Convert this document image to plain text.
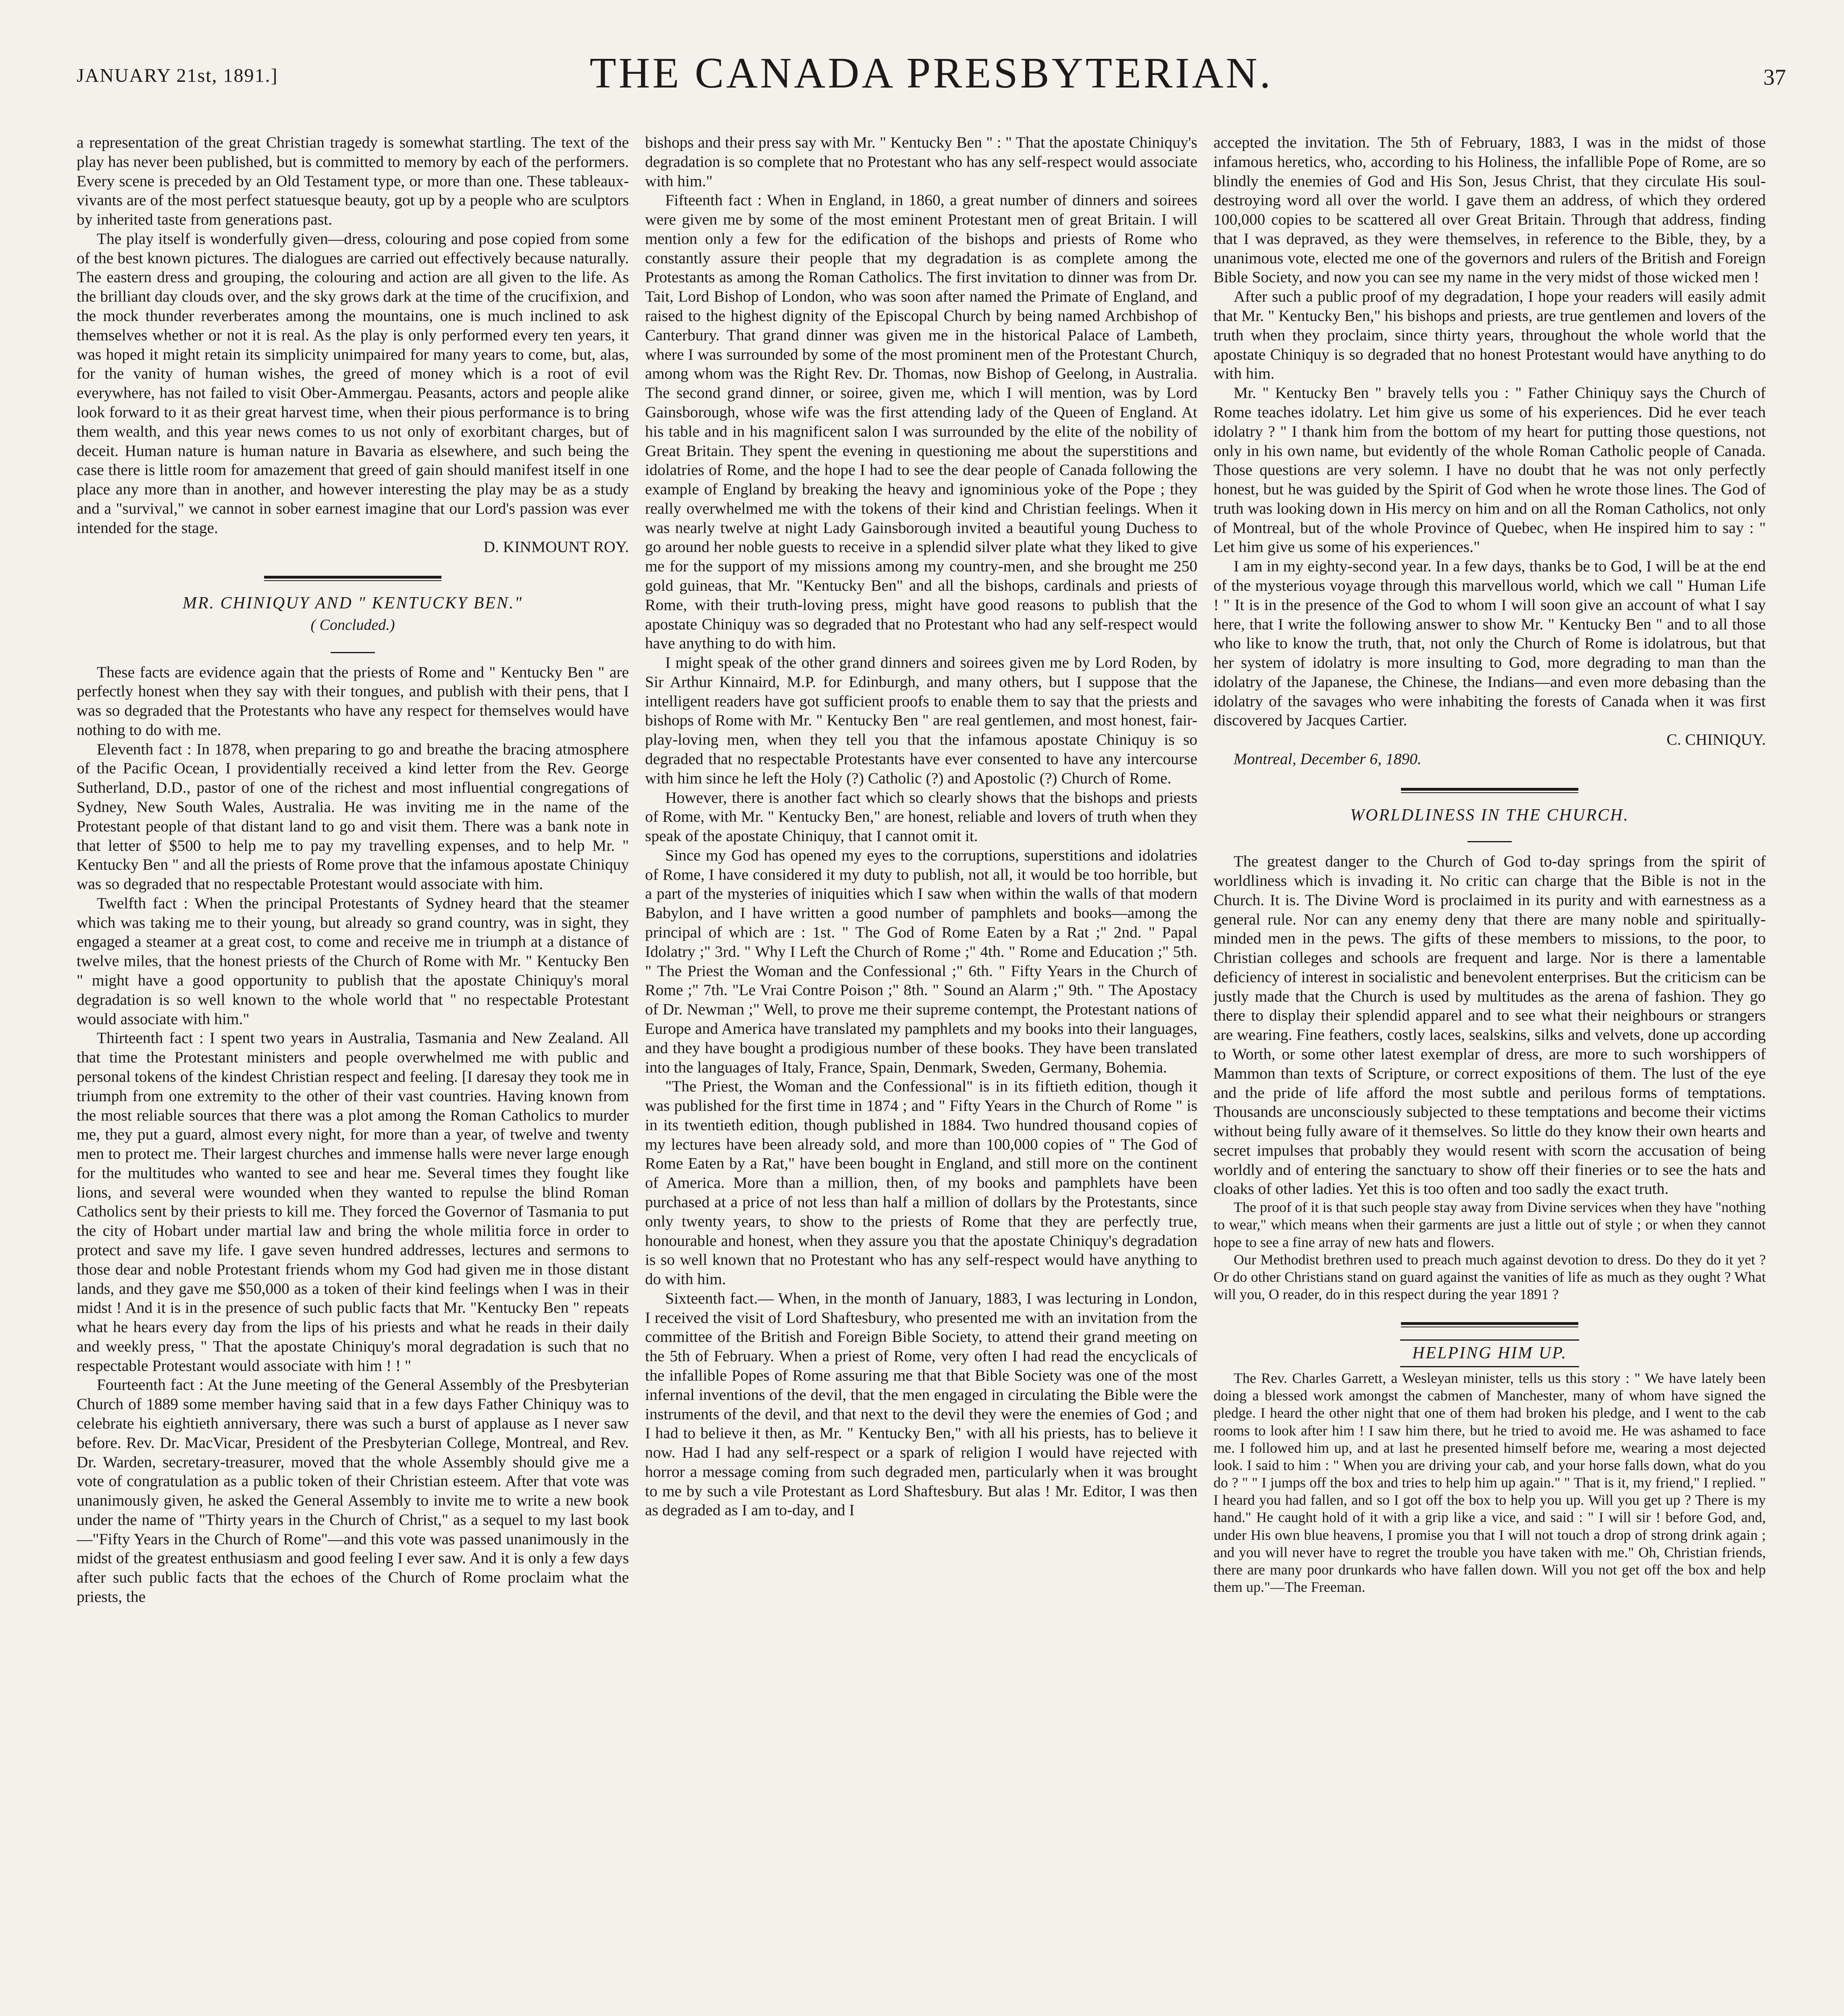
JANUARY 21st, 1891.]	THE CANADA PRESBYTERIAN.	37

a representation of the great Christian tragedy is somewhat startling. The text of the play has never been published, but is committed to memory by each of the performers. Every scene is preceded by an Old Testament type, or more than one. These tableaux-vivants are of the most perfect statuesque beauty, got up by a people who are sculptors by inherited taste from generations past.

The play itself is wonderfully given—dress, colouring and pose copied from some of the best known pictures. The dialogues are carried out effectively because naturally. The eastern dress and grouping, the colouring and action are all given to the life. As the brilliant day clouds over, and the sky grows dark at the time of the crucifixion, and the mock thunder reverberates among the mountains, one is much inclined to ask themselves whether or not it is real. As the play is only performed every ten years, it was hoped it might retain its simplicity unimpaired for many years to come, but, alas, for the vanity of human wishes, the greed of money which is a root of evil everywhere, has not failed to visit Ober-Ammergau. Peasants, actors and people alike look forward to it as their great harvest time, when their pious performance is to bring them wealth, and this year news comes to us not only of exorbitant charges, but of deceit. Human nature is human nature in Bavaria as elsewhere, and such being the case there is little room for amazement that greed of gain should manifest itself in one place any more than in another, and however interesting the play may be as a study and a "survival," we cannot in sober earnest imagine that our Lord's passion was ever intended for the stage.

D. KINMOUNT ROY.

MR. CHINIQUY AND " KENTUCKY BEN."
( Concluded.)

These facts are evidence again that the priests of Rome and " Kentucky Ben " are perfectly honest when they say with their tongues, and publish with their pens, that I was so degraded that the Protestants who have any respect for themselves would have nothing to do with me.

Eleventh fact : In 1878, when preparing to go and breathe the bracing atmosphere of the Pacific Ocean, I providentially received a kind letter from the Rev. George Sutherland, D.D., pastor of one of the richest and most influential congregations of Sydney, New South Wales, Australia. He was inviting me in the name of the Protestant people of that distant land to go and visit them. There was a bank note in that letter of $500 to help me to pay my travelling expenses, and to help Mr. " Kentucky Ben " and all the priests of Rome prove that the infamous apostate Chiniquy was so degraded that no respectable Protestant would associate with him.

Twelfth fact : When the principal Protestants of Sydney heard that the steamer which was taking me to their young, but already so grand country, was in sight, they engaged a steamer at a great cost, to come and receive me in triumph at a distance of twelve miles, that the honest priests of the Church of Rome with Mr. " Kentucky Ben " might have a good opportunity to publish that the apostate Chiniquy's moral degradation is so well known to the whole world that " no respectable Protestant would associate with him."

Thirteenth fact : I spent two years in Australia, Tasmania and New Zealand. All that time the Protestant ministers and people overwhelmed me with public and personal tokens of the kindest Christian respect and feeling. [I daresay they took me in triumph from one extremity to the other of their vast countries. Having known from the most reliable sources that there was a plot among the Roman Catholics to murder me, they put a guard, almost every night, for more than a year, of twelve and twenty men to protect me. Their largest churches and immense halls were never large enough for the multitudes who wanted to see and hear me. Several times they fought like lions, and several were wounded when they wanted to repulse the blind Roman Catholics sent by their priests to kill me. They forced the Governor of Tasmania to put the city of Hobart under martial law and bring the whole militia force in order to protect and save my life. I gave seven hundred addresses, lectures and sermons to those dear and noble Protestant friends whom my God had given me in those distant lands, and they gave me $50,000 as a token of their kind feelings when I was in their midst ! And it is in the presence of such public facts that Mr. "Kentucky Ben " repeats what he hears every day from the lips of his priests and what he reads in their daily and weekly press, " That the apostate Chiniquy's moral degradation is such that no respectable Protestant would associate with him ! ! "

Fourteenth fact : At the June meeting of the General Assembly of the Presbyterian Church of 1889 some member having said that in a few days Father Chiniquy was to celebrate his eightieth anniversary, there was such a burst of applause as I never saw before. Rev. Dr. MacVicar, President of the Presbyterian College, Montreal, and Rev. Dr. Warden, secretary-treasurer, moved that the whole Assembly should give me a vote of congratulation as a public token of their Christian esteem. After that vote was unanimously given, he asked the General Assembly to invite me to write a new book under the name of "Thirty years in the Church of Christ," as a sequel to my last book—"Fifty Years in the Church of Rome"—and this vote was passed unanimously in the midst of the greatest enthusiasm and good feeling I ever saw. And it is only a few days after such public facts that the echoes of the Church of Rome proclaim what the priests, the

bishops and their press say with Mr. " Kentucky Ben " : " That the apostate Chiniquy's degradation is so complete that no Protestant who has any self-respect would associate with him."

Fifteenth fact : When in England, in 1860, a great number of dinners and soirees were given me by some of the most eminent Protestant men of great Britain. I will mention only a few for the edification of the bishops and priests of Rome who constantly assure their people that my degradation is as complete among the Protestants as among the Roman Catholics. The first invitation to dinner was from Dr. Tait, Lord Bishop of London, who was soon after named the Primate of England, and raised to the highest dignity of the Episcopal Church by being named Archbishop of Canterbury. That grand dinner was given me in the historical Palace of Lambeth, where I was surrounded by some of the most prominent men of the Protestant Church, among whom was the Right Rev. Dr. Thomas, now Bishop of Geelong, in Australia. The second grand dinner, or soiree, given me, which I will mention, was by Lord Gainsborough, whose wife was the first attending lady of the Queen of England. At his table and in his magnificent salon I was surrounded by the elite of the nobility of Great Britain. They spent the evening in questioning me about the superstitions and idolatries of Rome, and the hope I had to see the dear people of Canada following the example of England by breaking the heavy and ignominious yoke of the Pope ; they really overwhelmed me with the tokens of their kind and Christian feelings. When it was nearly twelve at night Lady Gainsborough invited a beautiful young Duchess to go around her noble guests to receive in a splendid silver plate what they liked to give me for the support of my missions among my country-men, and she brought me 250 gold guineas, that Mr. "Kentucky Ben" and all the bishops, cardinals and priests of Rome, with their truth-loving press, might have good reasons to publish that the apostate Chiniquy was so degraded that no Protestant who had any self-respect would have anything to do with him.

I might speak of the other grand dinners and soirees given me by Lord Roden, by Sir Arthur Kinnaird, M.P. for Edinburgh, and many others, but I suppose that the intelligent readers have got sufficient proofs to enable them to say that the priests and bishops of Rome with Mr. " Kentucky Ben " are real gentlemen, and most honest, fair-play-loving men, when they tell you that the infamous apostate Chiniquy is so degraded that no respectable Protestants have ever consented to have any intercourse with him since he left the Holy (?) Catholic (?) and Apostolic (?) Church of Rome.

However, there is another fact which so clearly shows that the bishops and priests of Rome, with Mr. " Kentucky Ben," are honest, reliable and lovers of truth when they speak of the apostate Chiniquy, that I cannot omit it.

Since my God has opened my eyes to the corruptions, superstitions and idolatries of Rome, I have considered it my duty to publish, not all, it would be too horrible, but a part of the mysteries of iniquities which I saw when within the walls of that modern Babylon, and I have written a good number of pamphlets and books—among the principal of which are : 1st. " The God of Rome Eaten by a Rat ;" 2nd. " Papal Idolatry ;" 3rd. " Why I Left the Church of Rome ;" 4th. " Rome and Education ;" 5th. " The Priest the Woman and the Confessional ;" 6th. " Fifty Years in the Church of Rome ;" 7th. "Le Vrai Contre Poison ;" 8th. " Sound an Alarm ;" 9th. " The Apostacy of Dr. Newman ;" Well, to prove me their supreme contempt, the Protestant nations of Europe and America have translated my pamphlets and my books into their languages, and they have bought a prodigious number of these books. They have been translated into the languages of Italy, France, Spain, Denmark, Sweden, Germany, Bohemia.

"The Priest, the Woman and the Confessional" is in its fiftieth edition, though it was published for the first time in 1874 ; and " Fifty Years in the Church of Rome " is in its twentieth edition, though published in 1884. Two hundred thousand copies of my lectures have been already sold, and more than 100,000 copies of " The God of Rome Eaten by a Rat," have been bought in England, and still more on the continent of America. More than a million, then, of my books and pamphlets have been purchased at a price of not less than half a million of dollars by the Protestants, since only twenty years, to show to the priests of Rome that they are perfectly true, honourable and honest, when they assure you that the apostate Chiniquy's degradation is so well known that no Protestant who has any self-respect would have anything to do with him.

Sixteenth fact.— When, in the month of January, 1883, I was lecturing in London, I received the visit of Lord Shaftesbury, who presented me with an invitation from the committee of the British and Foreign Bible Society, to attend their grand meeting on the 5th of February. When a priest of Rome, very often I had read the encyclicals of the infallible Popes of Rome assuring me that that Bible Society was one of the most infernal inventions of the devil, that the men engaged in circulating the Bible were the instruments of the devil, and that next to the devil they were the enemies of God ; and I had to believe it then, as Mr. " Kentucky Ben," with all his priests, has to believe it now. Had I had any self-respect or a spark of religion I would have rejected with horror a message coming from such degraded men, particularly when it was brought to me by such a vile Protestant as Lord Shaftesbury. But alas ! Mr. Editor, I was then as degraded as I am to-day, and I

accepted the invitation. The 5th of February, 1883, I was in the midst of those infamous heretics, who, according to his Holiness, the infallible Pope of Rome, are so blindly the enemies of God and His Son, Jesus Christ, that they circulate His soul-destroying word all over the world. I gave them an address, of which they ordered 100,000 copies to be scattered all over Great Britain. Through that address, finding that I was depraved, as they were themselves, in reference to the Bible, they, by a unanimous vote, elected me one of the governors and rulers of the British and Foreign Bible Society, and now you can see my name in the very midst of those wicked men !

After such a public proof of my degradation, I hope your readers will easily admit that Mr. " Kentucky Ben," his bishops and priests, are true gentlemen and lovers of the truth when they proclaim, since thirty years, throughout the whole world that the apostate Chiniquy is so degraded that no honest Protestant would have anything to do with him.

Mr. " Kentucky Ben " bravely tells you : " Father Chiniquy says the Church of Rome teaches idolatry. Let him give us some of his experiences. Did he ever teach idolatry ? " I thank him from the bottom of my heart for putting those questions, not only in his own name, but evidently of the whole Roman Catholic people of Canada. Those questions are very solemn. I have no doubt that he was not only perfectly honest, but he was guided by the Spirit of God when he wrote those lines. The God of truth was looking down in His mercy on him and on all the Roman Catholics, not only of Montreal, but of the whole Province of Quebec, when He inspired him to say : " Let him give us some of his experiences."

I am in my eighty-second year. In a few days, thanks be to God, I will be at the end of the mysterious voyage through this marvellous world, which we call " Human Life ! " It is in the presence of the God to whom I will soon give an account of what I say here, that I write the following answer to show Mr. " Kentucky Ben " and to all those who like to know the truth, that, not only the Church of Rome is idolatrous, but that her system of idolatry is more insulting to God, more degrading to man than the idolatry of the Japanese, the Chinese, the Indians—and even more debasing than the idolatry of the savages who were inhabiting the forests of Canada when it was first discovered by Jacques Cartier.

C. CHINIQUY.

Montreal, December 6, 1890.

WORLDLINESS IN THE CHURCH.

The greatest danger to the Church of God to-day springs from the spirit of worldliness which is invading it. No critic can charge that the Bible is not in the Church. It is. The Divine Word is proclaimed in its purity and with earnestness as a general rule. Nor can any enemy deny that there are many noble and spiritually-minded men in the pews. The gifts of these members to missions, to the poor, to Christian colleges and schools are frequent and large. Nor is there a lamentable deficiency of interest in socialistic and benevolent enterprises. But the criticism can be justly made that the Church is used by multitudes as the arena of fashion. They go there to display their splendid apparel and to see what their neighbours or strangers are wearing. Fine feathers, costly laces, sealskins, silks and velvets, done up according to Worth, or some other latest exemplar of dress, are more to such worshippers of Mammon than texts of Scripture, or correct expositions of them. The lust of the eye and the pride of life afford the most subtle and perilous forms of temptations. Thousands are unconsciously subjected to these temptations and become their victims without being fully aware of it themselves. So little do they know their own hearts and secret impulses that probably they would resent with scorn the accusation of being worldly and of entering the sanctuary to show off their fineries or to see the hats and cloaks of other ladies. Yet this is too often and too sadly the exact truth.

The proof of it is that such people stay away from Divine services when they have "nothing to wear," which means when their garments are just a little out of style ; or when they cannot hope to see a fine array of new hats and flowers.

Our Methodist brethren used to preach much against devotion to dress. Do they do it yet ? Or do other Christians stand on guard against the vanities of life as much as they ought ? What will you, O reader, do in this respect during the year 1891 ?

HELPING HIM UP.

The Rev. Charles Garrett, a Wesleyan minister, tells us this story : " We have lately been doing a blessed work amongst the cabmen of Manchester, many of whom have signed the pledge. I heard the other night that one of them had broken his pledge, and I went to the cab rooms to look after him ! I saw him there, but he tried to avoid me. He was ashamed to face me. I followed him up, and at last he presented himself before me, wearing a most dejected look. I said to him : " When you are driving your cab, and your horse falls down, what do you do ? " " I jumps off the box and tries to help him up again." " That is it, my friend," I replied. " I heard you had fallen, and so I got off the box to help you up. Will you get up ? There is my hand." He caught hold of it with a grip like a vice, and said : " I will sir ! before God, and, under His own blue heavens, I promise you that I will not touch a drop of strong drink again ; and you will never have to regret the trouble you have taken with me." Oh, Christian friends, there are many poor drunkards who have fallen down. Will you not get off the box and help them up."—The Freeman.
